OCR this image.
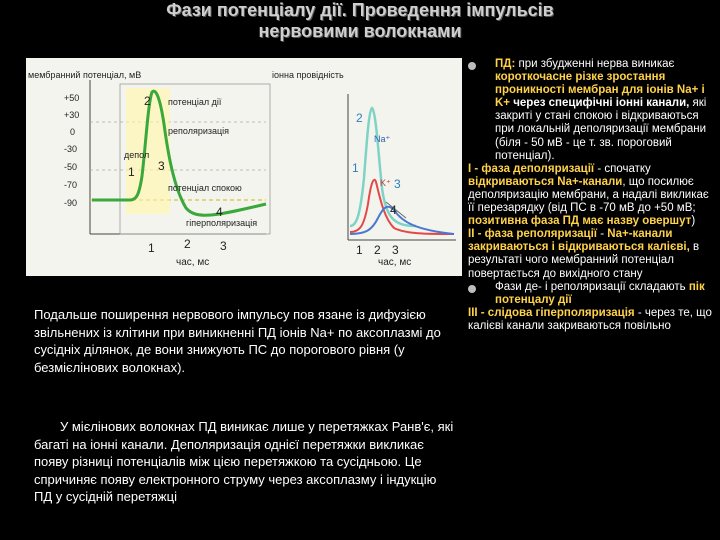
Фази потенціалу дії. Проведення імпульсів
нервовими волокнами
мембранний потенціал, мВ	іонна провідність
+50
+30
0
-30
-50
-70
-90
потенціал дії
реполяризація
потенціал спокою
гіперполяризація
депол
2
1 3
4
1 2 3
час, мс
2
1
3
4
Na⁺
K⁺
1 2 3
час, мс
Подальше поширення нервового імпульсу пов язане із дифузією звільнених із клітини при виникненні ПД іонів Na+ по аксоплазмі до сусідніх ділянок, де вони знижують ПС до порогового рівня (у безмієлінових волокнах).
У мієлінових волокнах ПД виникає лише у перетяжках Ранв'є, які багаті на іонні канали. Деполяризація однієї перетяжки викликає появу різниці потенціалів між цією перетяжкою та сусідньою. Це спричиняє появу електронного струму через аксоплазму і індукцію ПД у сусідній перетяжці

ПД: при збудженні нерва виникає короткочасне різке зростання проникності мембран для іонів Na+ і K+ через специфічні іонні канали, які закриті у стані спокою і відкриваються при локальній деполяризації мембрани (біля - 50 мВ - це т. зв. пороговий потенціал).

І - фаза деполяризації - спочатку відкриваються Na+-канали, що посилює деполяризацію мембрани, а надалі викликає її перезарядку (від ПС в -70 мВ до +50 мВ; позитивна фаза ПД має назву овершут)

ІІ - фаза реполяризації - Na+-канали закриваються і відкриваються калієві, в результаті чого мембранний потенціал повертається до вихідного стану

Фази де- і реполяризації складають пік потенцалу дії

ІІІ - слідова гіперполяризація - через те, що калієві канали закриваються повільно
